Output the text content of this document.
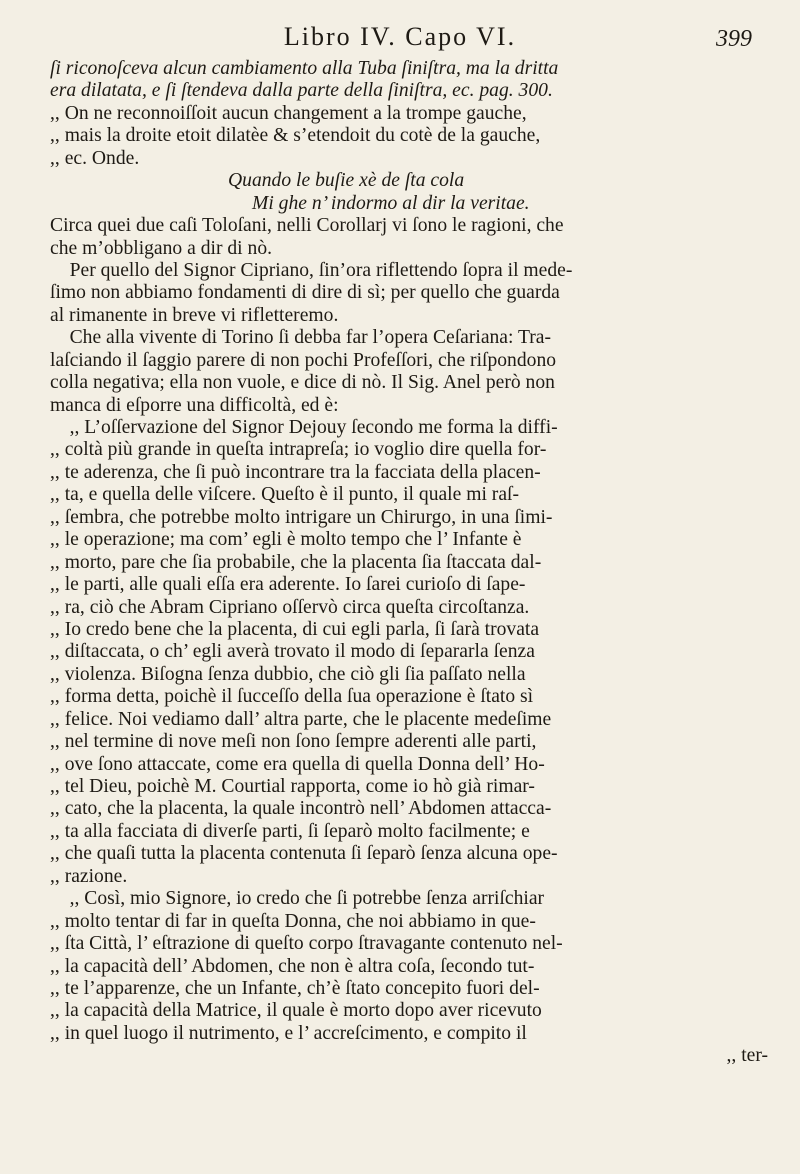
Libro IV. Capo VI.	399
ſi riconoſceva alcun cambiamento alla Tuba ſiniſtra, ma la dritta
era dilatata, e ſi ſtendeva dalla parte della ſiniſtra, ec. pag. 300.
,, On ne reconnoiſſoit aucun changement a la trompe gauche,
,, mais la droite etoit dilatèe & s’etendoit du cotè de la gauche,
,, ec. Onde.
Quando le buſie xè de ſta cola
Mi ghe n’ indormo al dir la veritae.
Circa quei due caſi Toloſani, nelli Corollarj vi ſono le ragioni, che
che m’obbligano a dir di nò.
Per quello del Signor Cipriano, ſin’ora riflettendo ſopra il mede-
ſimo non abbiamo fondamenti di dire di sì; per quello che guarda
al rimanente in breve vi rifletteremo.
Che alla vivente di Torino ſi debba far l’opera Ceſariana: Tra-
laſciando il ſaggio parere di non pochi Profeſſori, che riſpondono
colla negativa; ella non vuole, e dice di nò. Il Sig. Anel però non
manca di eſporre una difficoltà, ed è:
,, L’oſſervazione del Signor Dejouy ſecondo me forma la diffi-
,, coltà più grande in queſta intrapreſa; io voglio dire quella for-
,, te aderenza, che ſi può incontrare tra la facciata della placen-
,, ta, e quella delle viſcere. Queſto è il punto, il quale mi raſ-
,, ſembra, che potrebbe molto intrigare un Chirurgo, in una ſimi-
,, le operazione; ma com’ egli è molto tempo che l’ Infante è
,, morto, pare che ſia probabile, che la placenta ſia ſtaccata dal-
,, le parti, alle quali eſſa era aderente. Io ſarei curioſo di ſape-
,, ra, ciò che Abram Cipriano oſſervò circa queſta circoſtanza.
,, Io credo bene che la placenta, di cui egli parla, ſi ſarà trovata
,, diſtaccata, o ch’ egli averà trovato il modo di ſepararla ſenza
,, violenza. Biſogna ſenza dubbio, che ciò gli ſia paſſato nella
,, forma detta, poichè il ſucceſſo della ſua operazione è ſtato sì
,, felice. Noi vediamo dall’ altra parte, che le placente medeſime
,, nel termine di nove meſi non ſono ſempre aderenti alle parti,
,, ove ſono attaccate, come era quella di quella Donna dell’ Ho-
,, tel Dieu, poichè M. Courtial rapporta, come io hò già rimar-
,, cato, che la placenta, la quale incontrò nell’ Abdomen attacca-
,, ta alla facciata di diverſe parti, ſi ſeparò molto facilmente; e
,, che quaſi tutta la placenta contenuta ſi ſeparò ſenza alcuna ope-
,, razione.
,, Così, mio Signore, io credo che ſi potrebbe ſenza arriſchiar
,, molto tentar di far in queſta Donna, che noi abbiamo in que-
,, ſta Città, l’ eſtrazione di queſto corpo ſtravagante contenuto nel-
,, la capacità dell’ Abdomen, che non è altra coſa, ſecondo tut-
,, te l’apparenze, che un Infante, ch’è ſtato concepito fuori del-
,, la capacità della Matrice, il quale è morto dopo aver ricevuto
,, in quel luogo il nutrimento, e l’ accreſcimento, e compito il
,, ter-
